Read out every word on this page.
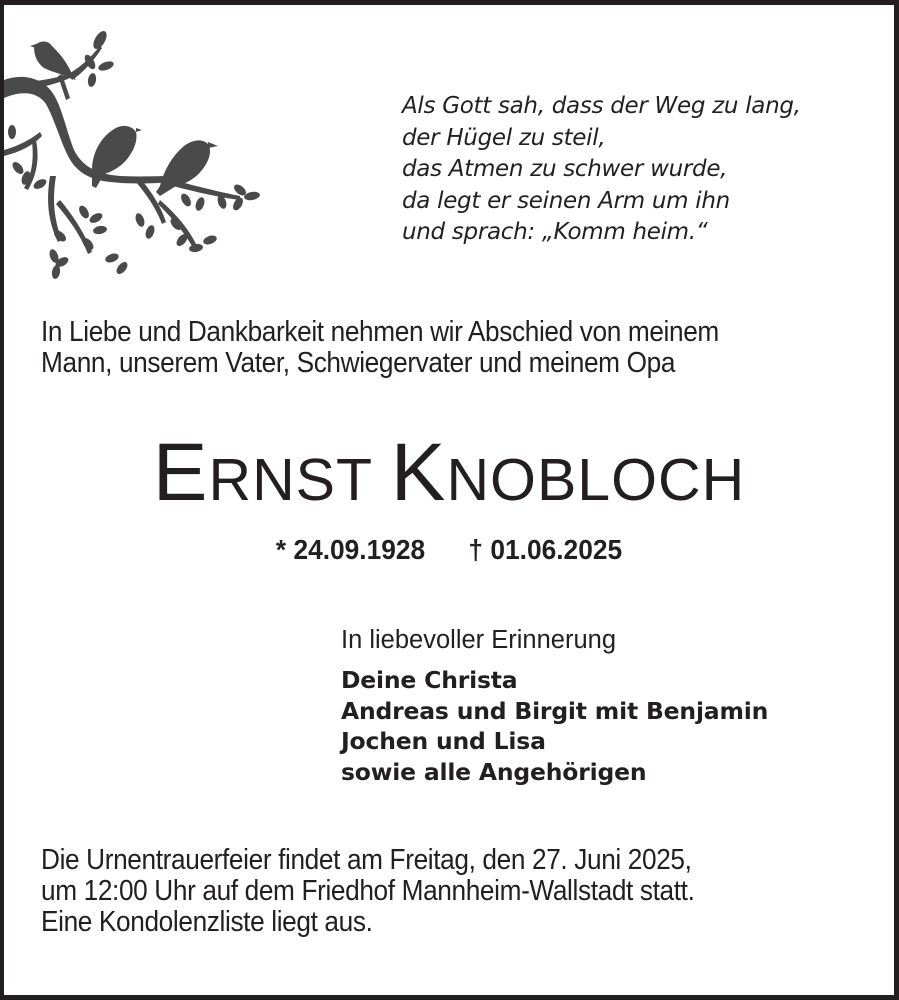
Als Gott sah, dass der Weg zu lang,
der Hügel zu steil,
das Atmen zu schwer wurde,
da legt er seinen Arm um ihn
und sprach: „Komm heim.“
In Liebe und Dankbarkeit nehmen wir Abschied von meinem
Mann, unserem Vater, Schwiegervater und meinem Opa
ERNST KNOBLOCH
* 24.09.1928 † 01.06.2025
In liebevoller Erinnerung
Deine Christa
Andreas und Birgit mit Benjamin
Jochen und Lisa
sowie alle Angehörigen
Die Urnentrauerfeier findet am Freitag, den 27. Juni 2025,
um 12:00 Uhr auf dem Friedhof Mannheim-Wallstadt statt.
Eine Kondolenzliste liegt aus.
